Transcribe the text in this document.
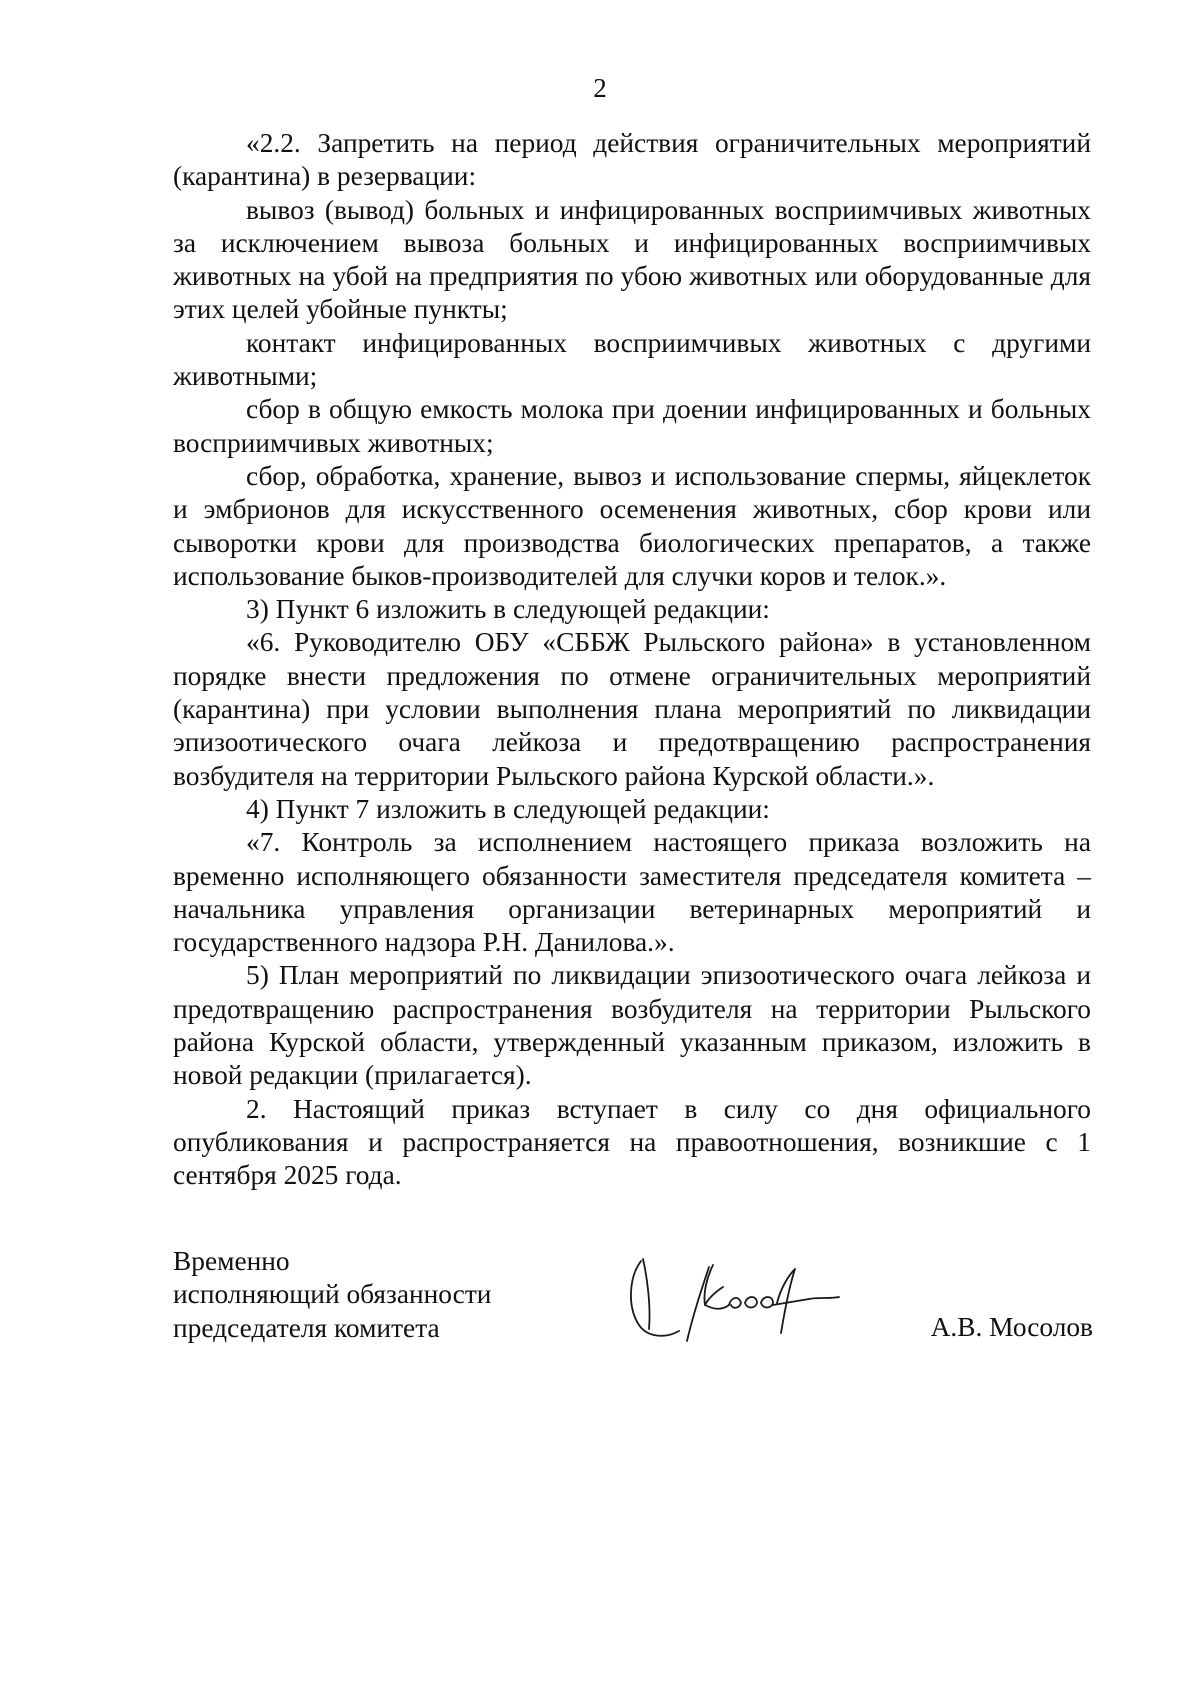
2

«2.2. Запретить на период действия ограничительных мероприятий (карантина) в резервации:

вывоз (вывод) больных и инфицированных восприимчивых животных за исключением вывоза больных и инфицированных восприимчивых животных на убой на предприятия по убою животных или оборудованные для этих целей убойные пункты;

контакт инфицированных восприимчивых животных с другими животными;

сбор в общую емкость молока при доении инфицированных и больных восприимчивых животных;

сбор, обработка, хранение, вывоз и использование спермы, яйцеклеток и эмбрионов для искусственного осеменения животных, сбор крови или сыворотки крови для производства биологических препаратов, а также использование быков-производителей для случки коров и телок.».

3) Пункт 6 изложить в следующей редакции:

«6. Руководителю ОБУ «СББЖ Рыльского района» в установленном порядке внести предложения по отмене ограничительных мероприятий (карантина) при условии выполнения плана мероприятий по ликвидации эпизоотического очага лейкоза и предотвращению распространения возбудителя на территории Рыльского района Курской области.».

4) Пункт 7 изложить в следующей редакции:

«7. Контроль за исполнением настоящего приказа возложить на временно исполняющего обязанности заместителя председателя комитета – начальника управления организации ветеринарных мероприятий и государственного надзора Р.Н. Данилова.».

5) План мероприятий по ликвидации эпизоотического очага лейкоза и предотвращению распространения возбудителя на территории Рыльского района Курской области, утвержденный указанным приказом, изложить в новой редакции (прилагается).

2. Настоящий приказ вступает в силу со дня официального опубликования и распространяется на правоотношения, возникшие с 1 сентября 2025 года.

Временно
исполняющий обязанности
председателя комитета	А.В. Мосолов
